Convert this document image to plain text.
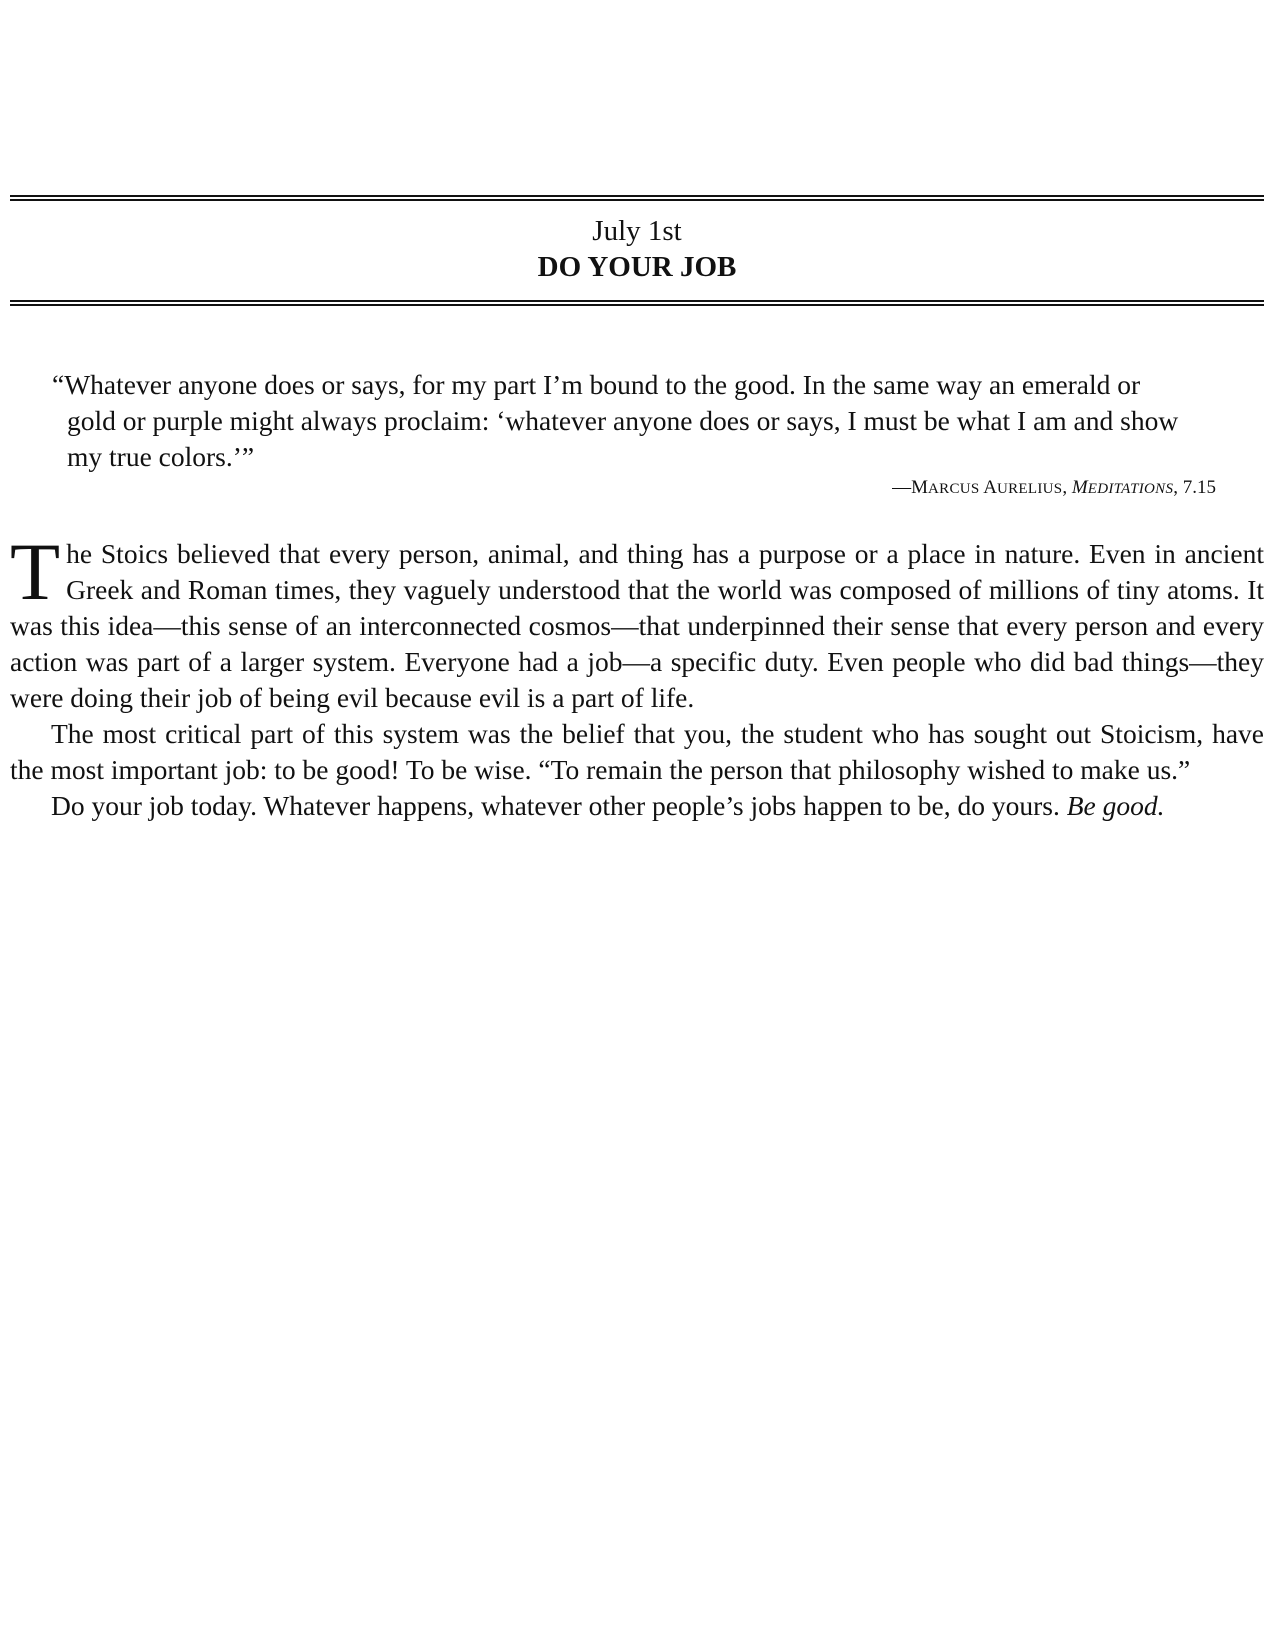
July 1st
DO YOUR JOB
“Whatever anyone does or says, for my part I’m bound to the good. In the same way an emerald or gold or purple might always proclaim: ‘whatever anyone does or says, I must be what I am and show my true colors.’”
—MARCUS AURELIUS, MEDITATIONS, 7.15

The Stoics believed that every person, animal, and thing has a purpose or a place in nature. Even in ancient Greek and Roman times, they vaguely understood that the world was composed of millions of tiny atoms. It was this idea—this sense of an interconnected cosmos—that underpinned their sense that every person and every action was part of a larger system. Everyone had a job—a specific duty. Even people who did bad things—they were doing their job of being evil because evil is a part of life.

The most critical part of this system was the belief that you, the student who has sought out Stoicism, have the most important job: to be good! To be wise. “To remain the person that philosophy wished to make us.”

Do your job today. Whatever happens, whatever other people’s jobs happen to be, do yours. Be good.
